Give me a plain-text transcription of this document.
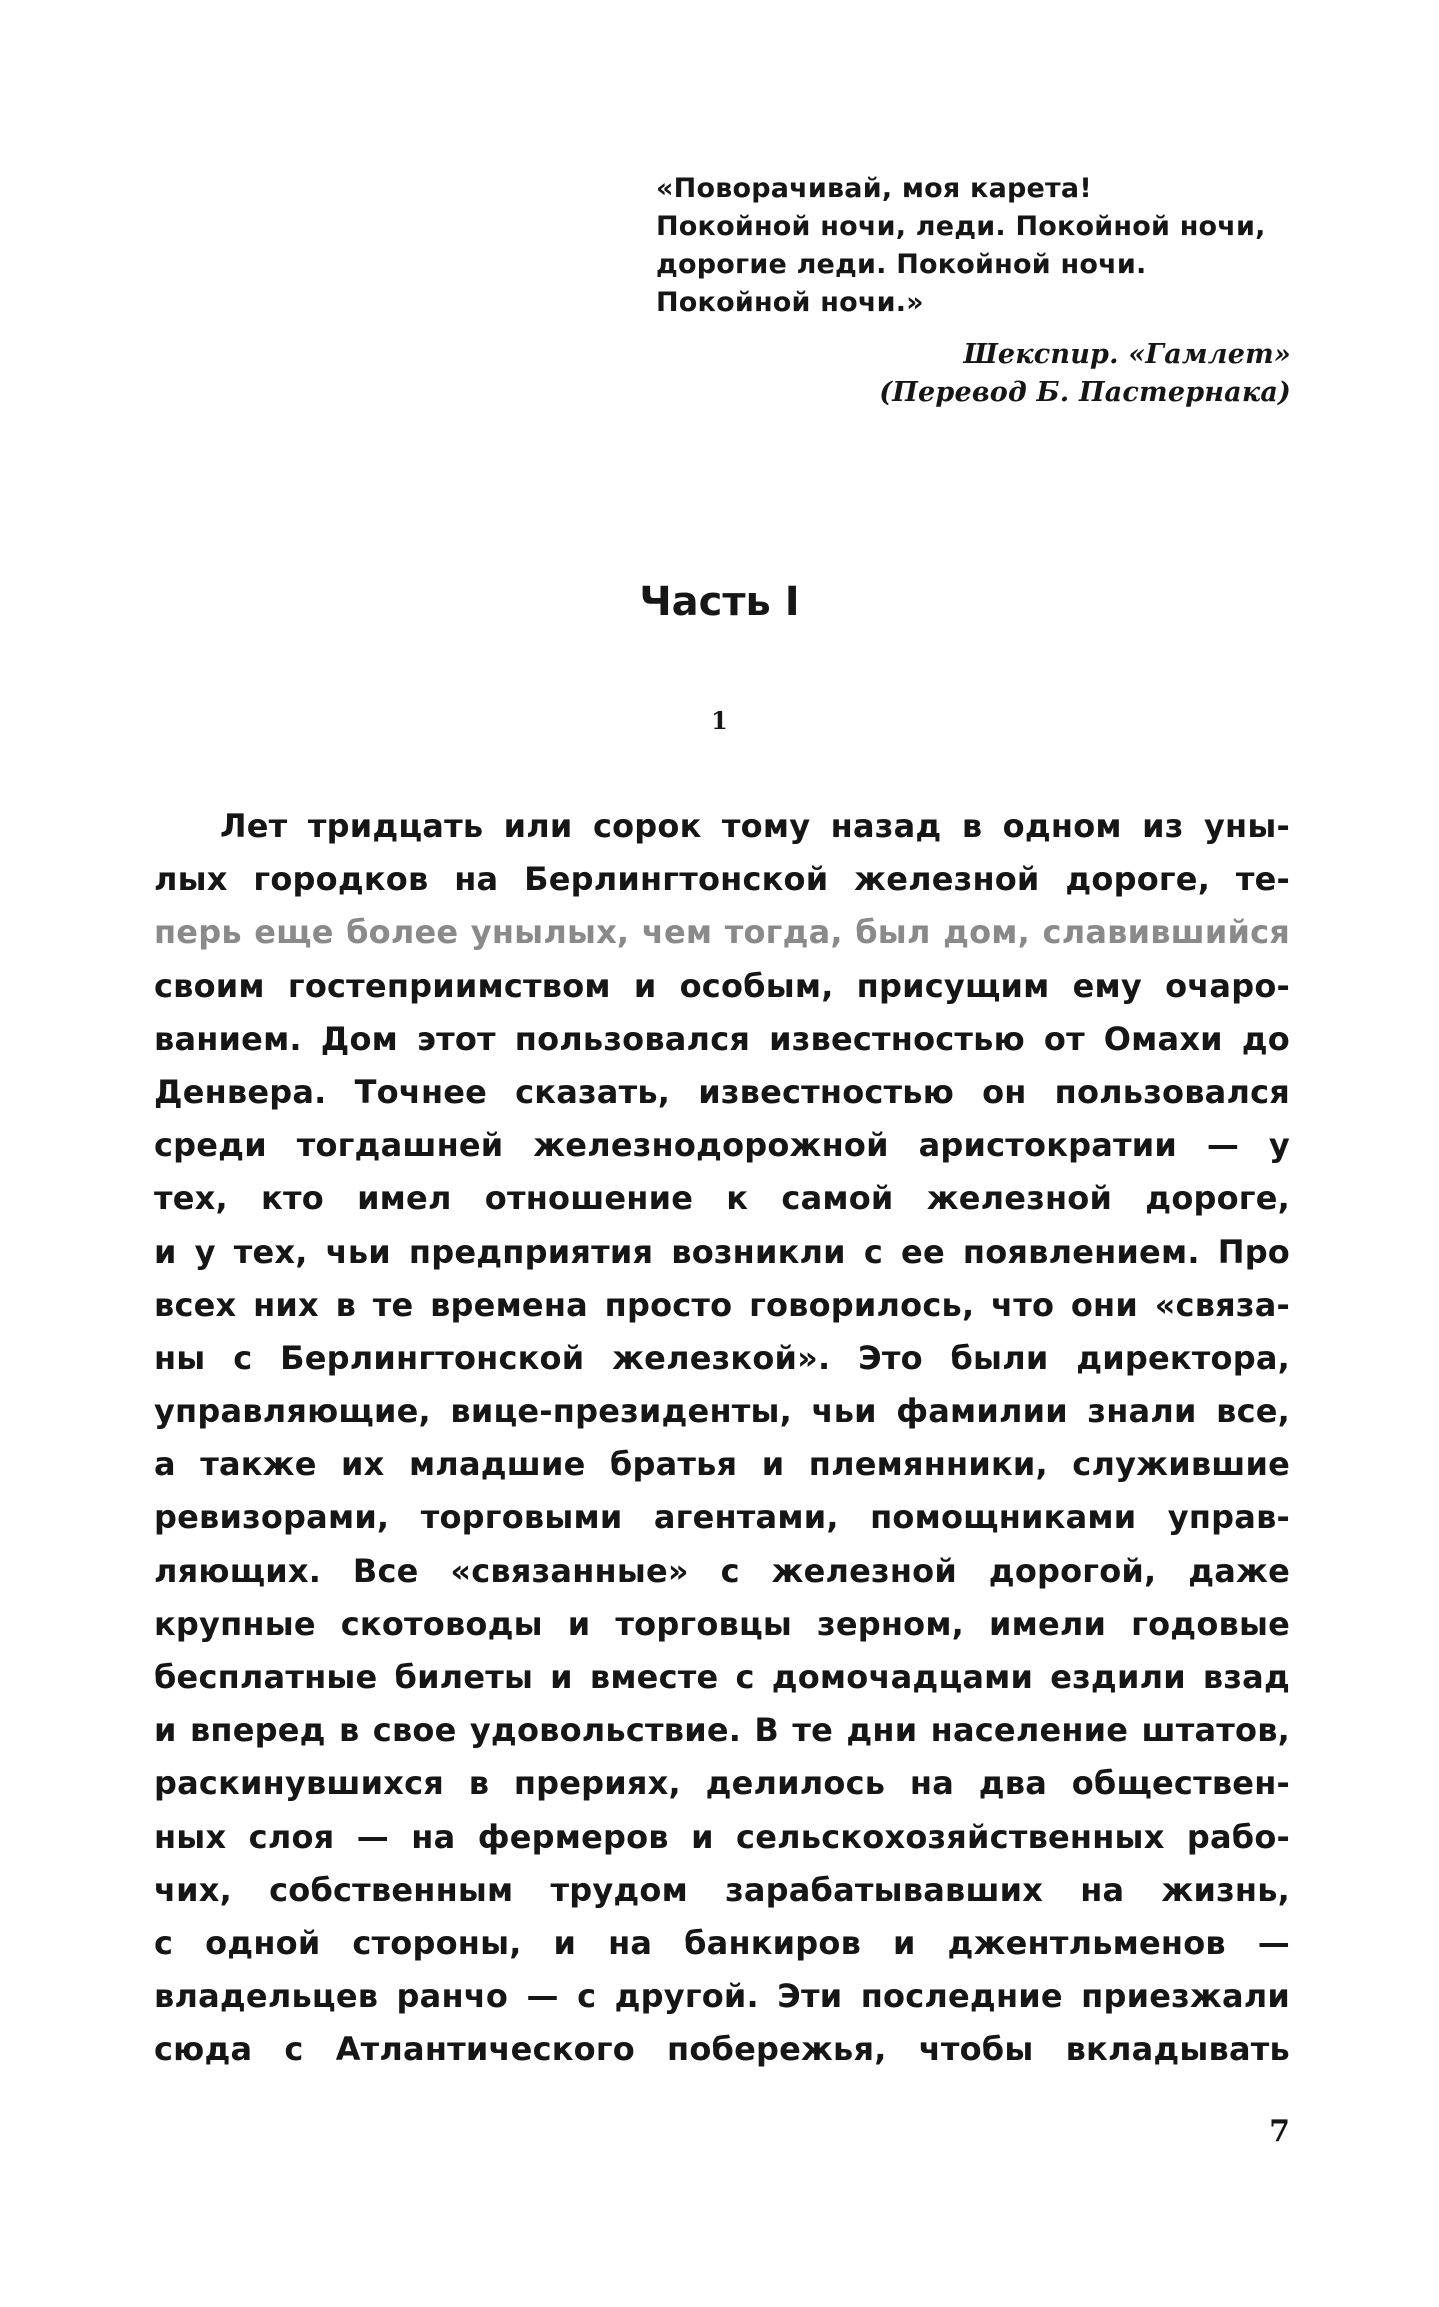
«Поворачивай, моя карета!
Покойной ночи, леди. Покойной ночи,
дорогие леди. Покойной ночи.
Покойной ночи.»
Шекспир. «Гамлет»
(Перевод Б. Пастернака)
Часть I
1
Лет тридцать или сорок тому назад в одном из уны-
лых городков на Берлингтонской железной дороге, те-
перь еще более унылых, чем тогда, был дом, славившийся
своим гостеприимством и особым, присущим ему очаро-
ванием. Дом этот пользовался известностью от Омахи до
Денвера. Точнее сказать, известностью он пользовался
среди тогдашней железнодорожной аристократии — у
тех, кто имел отношение к самой железной дороге,
и у тех, чьи предприятия возникли с ее появлением. Про
всех них в те времена просто говорилось, что они «связа-
ны с Берлингтонской железкой». Это были директора,
управляющие, вице-президенты, чьи фамилии знали все,
а также их младшие братья и племянники, служившие
ревизорами, торговыми агентами, помощниками управ-
ляющих. Все «связанные» с железной дорогой, даже
крупные скотоводы и торговцы зерном, имели годовые
бесплатные билеты и вместе с домочадцами ездили взад
и вперед в свое удовольствие. В те дни население штатов,
раскинувшихся в прериях, делилось на два обществен-
ных слоя — на фермеров и сельскохозяйственных рабо-
чих, собственным трудом зарабатывавших на жизнь,
с одной стороны, и на банкиров и джентльменов —
владельцев ранчо — с другой. Эти последние приезжали
сюда с Атлантического побережья, чтобы вкладывать
7
